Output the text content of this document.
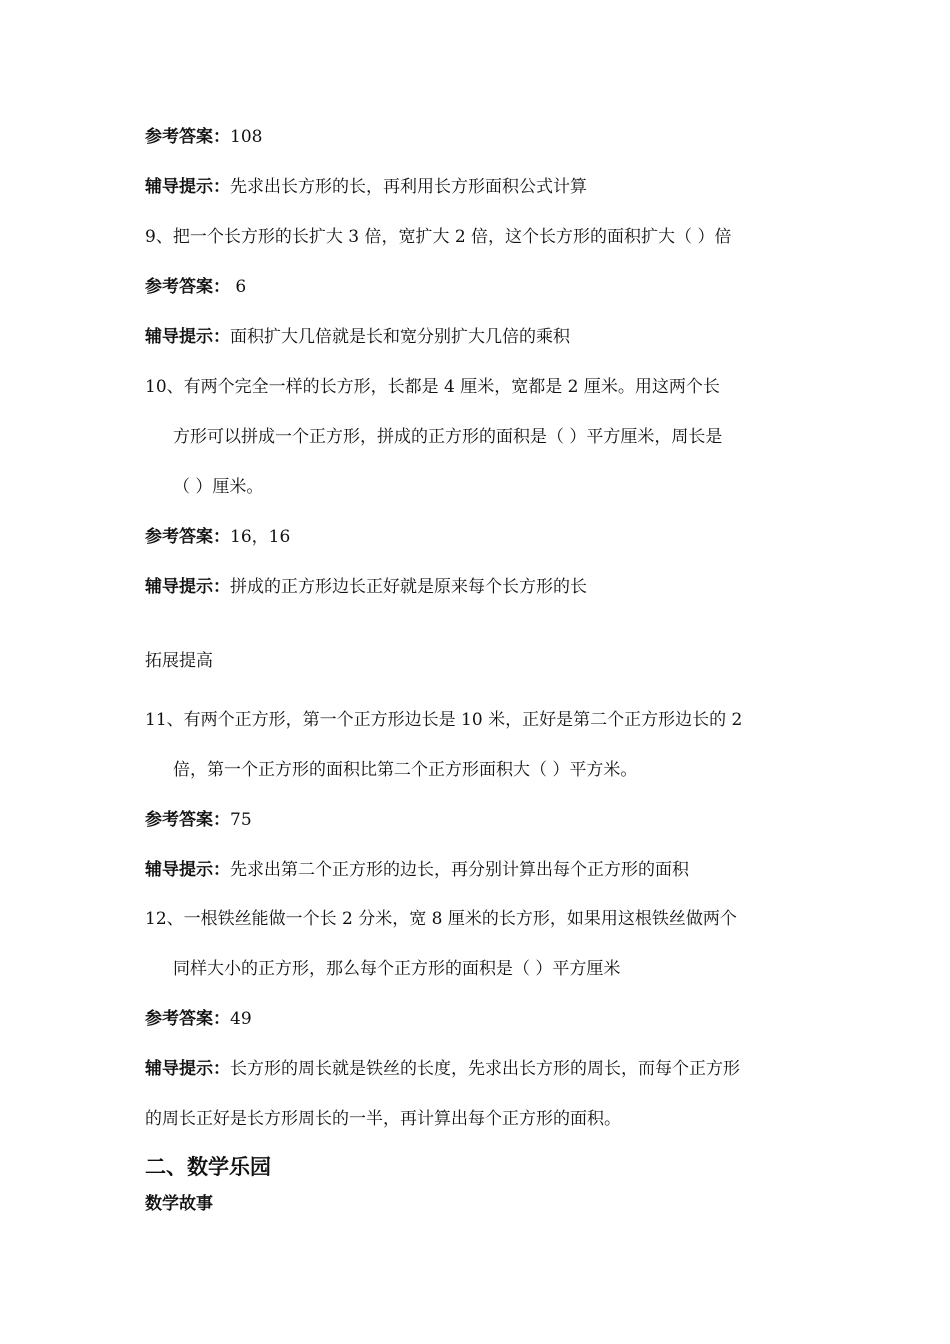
参考答案：108
辅导提示：先求出长方形的长，再利用长方形面积公式计算
9、把一个长方形的长扩大 3 倍，宽扩大 2 倍，这个长方形的面积扩大（ ）倍
参考答案： 6
辅导提示：面积扩大几倍就是长和宽分别扩大几倍的乘积
10、有两个完全一样的长方形，长都是 4 厘米，宽都是 2 厘米。用这两个长
方形可以拼成一个正方形，拼成的正方形的面积是（ ）平方厘米，周长是
（ ）厘米。
参考答案：16，16
辅导提示：拼成的正方形边长正好就是原来每个长方形的长
拓展提高
11、有两个正方形，第一个正方形边长是 10 米，正好是第二个正方形边长的 2
倍，第一个正方形的面积比第二个正方形面积大（ ）平方米。
参考答案：75
辅导提示：先求出第二个正方形的边长，再分别计算出每个正方形的面积
12、一根铁丝能做一个长 2 分米，宽 8 厘米的长方形，如果用这根铁丝做两个
同样大小的正方形，那么每个正方形的面积是（ ）平方厘米
参考答案：49
辅导提示：长方形的周长就是铁丝的长度，先求出长方形的周长，而每个正方形
的周长正好是长方形周长的一半，再计算出每个正方形的面积。
二、数学乐园
数学故事
